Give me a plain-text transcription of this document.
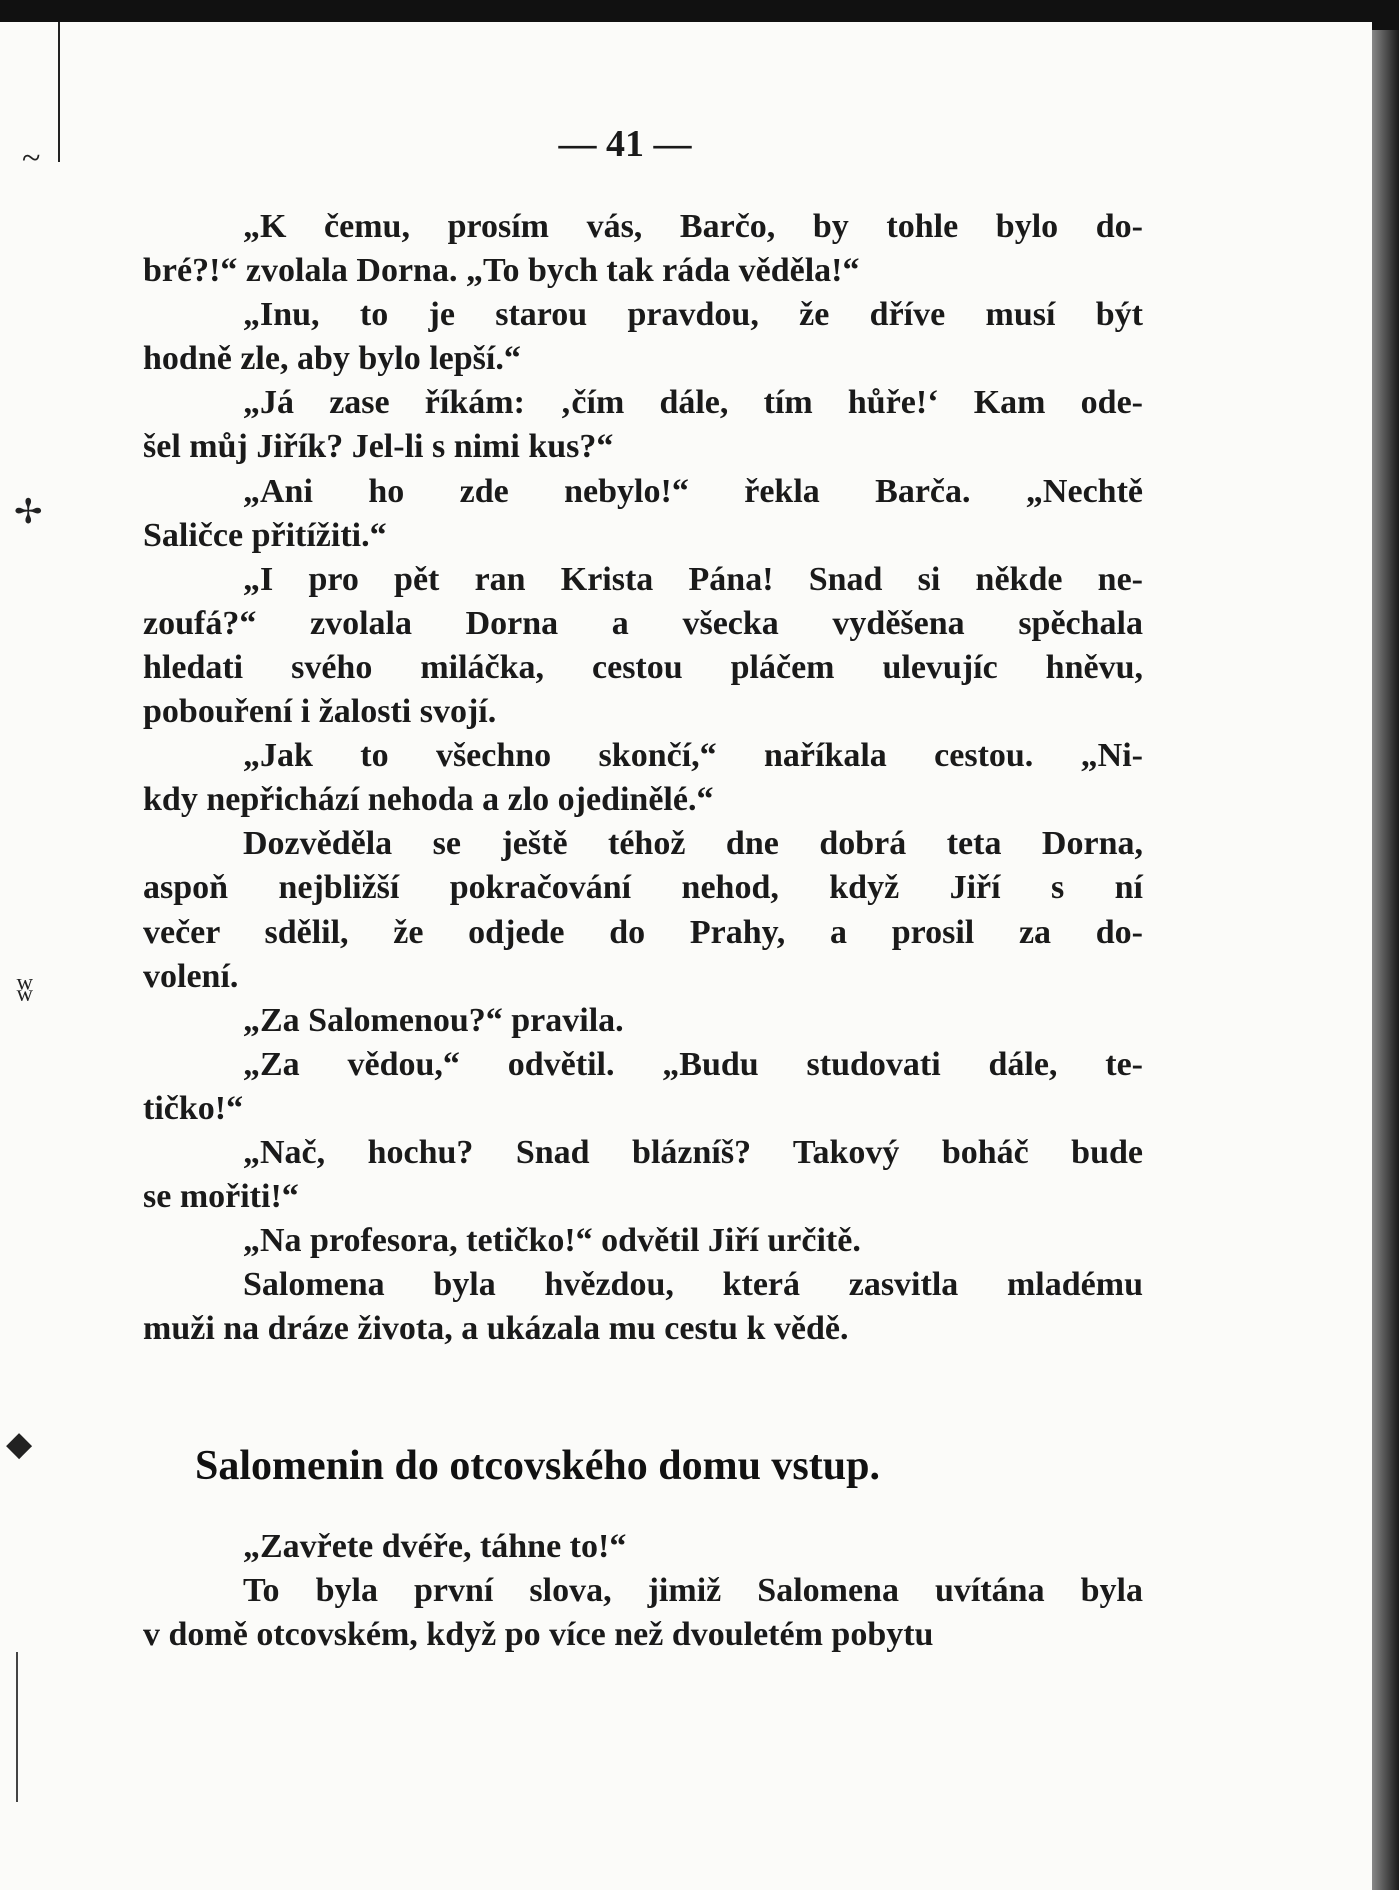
~
✢
ʬ
◆
— 41 —
„K čemu, prosím vás, Barčo, by tohle bylo do-
bré?!“ zvolala Dorna. „To bych tak ráda věděla!“
„Inu, to je starou pravdou, že dříve musí být
hodně zle, aby bylo lepší.“
„Já zase říkám: ‚čím dále, tím hůře!‘ Kam ode-
šel můj Jiřík? Jel-li s nimi kus?“
„Ani ho zde nebylo!“ řekla Barča. „Nechtě
Saličce přitížiti.“
„I pro pět ran Krista Pána! Snad si někde ne-
zoufá?“ zvolala Dorna a všecka vyděšena spěchala
hledati svého miláčka, cestou pláčem ulevujíc hněvu,
pobouření i žalosti svojí.
„Jak to všechno skončí,“ naříkala cestou. „Ni-
kdy nepřichází nehoda a zlo ojedinělé.“
Dozvěděla se ještě téhož dne dobrá teta Dorna,
aspoň nejbližší pokračování nehod, když Jiří s ní
večer sdělil, že odjede do Prahy, a prosil za do-
volení.
„Za Salomenou?“ pravila.
„Za vědou,“ odvětil. „Budu studovati dále, te-
tičko!“
„Nač, hochu? Snad blázníš? Takový boháč bude
se mořiti!“
„Na profesora, tetičko!“ odvětil Jiří určitě.
Salomena byla hvězdou, která zasvitla mladému
muži na dráze života, a ukázala mu cestu k vědě.
Salomenin do otcovského domu vstup.
„Zavřete dvéře, táhne to!“
To byla první slova, jimiž Salomena uvítána byla
v domě otcovském, když po více než dvouletém pobytu
